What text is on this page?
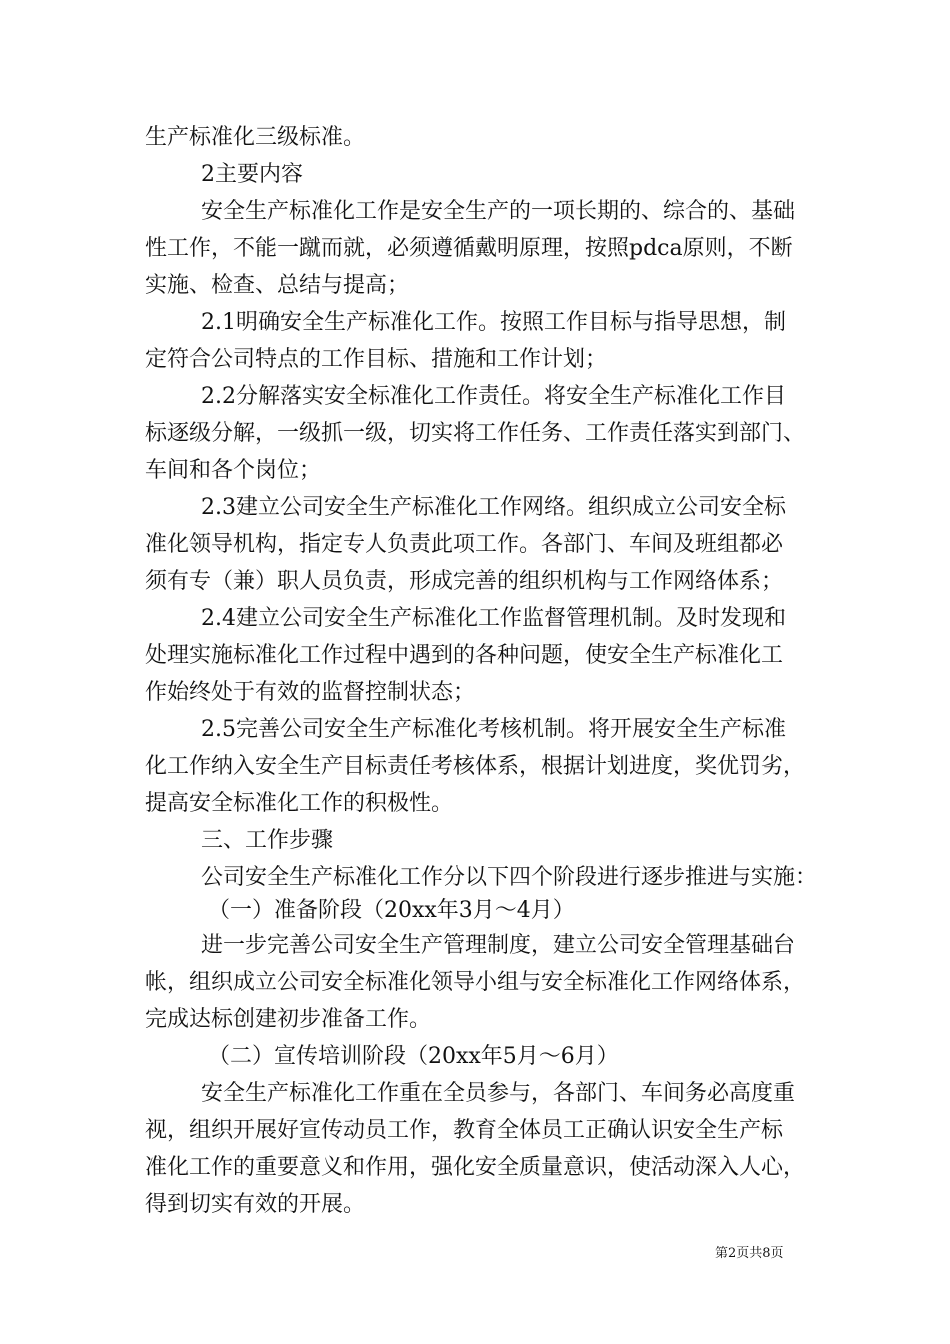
生产标准化三级标准。
2主要内容
安全生产标准化工作是安全生产的一项长期的、综合的、基础
性工作，不能一蹴而就，必须遵循戴明原理，按照pdca原则，不断
实施、检查、总结与提高；
2.1明确安全生产标准化工作。按照工作目标与指导思想，制
定符合公司特点的工作目标、措施和工作计划；
2.2分解落实安全标准化工作责任。将安全生产标准化工作目
标逐级分解，一级抓一级，切实将工作任务、工作责任落实到部门、
车间和各个岗位；
2.3建立公司安全生产标准化工作网络。组织成立公司安全标
准化领导机构，指定专人负责此项工作。各部门、车间及班组都必
须有专（兼）职人员负责，形成完善的组织机构与工作网络体系；
2.4建立公司安全生产标准化工作监督管理机制。及时发现和
处理实施标准化工作过程中遇到的各种问题，使安全生产标准化工
作始终处于有效的监督控制状态；
2.5完善公司安全生产标准化考核机制。将开展安全生产标准
化工作纳入安全生产目标责任考核体系，根据计划进度，奖优罚劣，
提高安全标准化工作的积极性。
三、工作步骤
公司安全生产标准化工作分以下四个阶段进行逐步推进与实施：
（一）准备阶段（20xx年3月～4月）
进一步完善公司安全生产管理制度，建立公司安全管理基础台
帐，组织成立公司安全标准化领导小组与安全标准化工作网络体系，
完成达标创建初步准备工作。
（二）宣传培训阶段（20xx年5月～6月）
安全生产标准化工作重在全员参与，各部门、车间务必高度重
视，组织开展好宣传动员工作，教育全体员工正确认识安全生产标
准化工作的重要意义和作用，强化安全质量意识，使活动深入人心，
得到切实有效的开展。
第2页共8页
